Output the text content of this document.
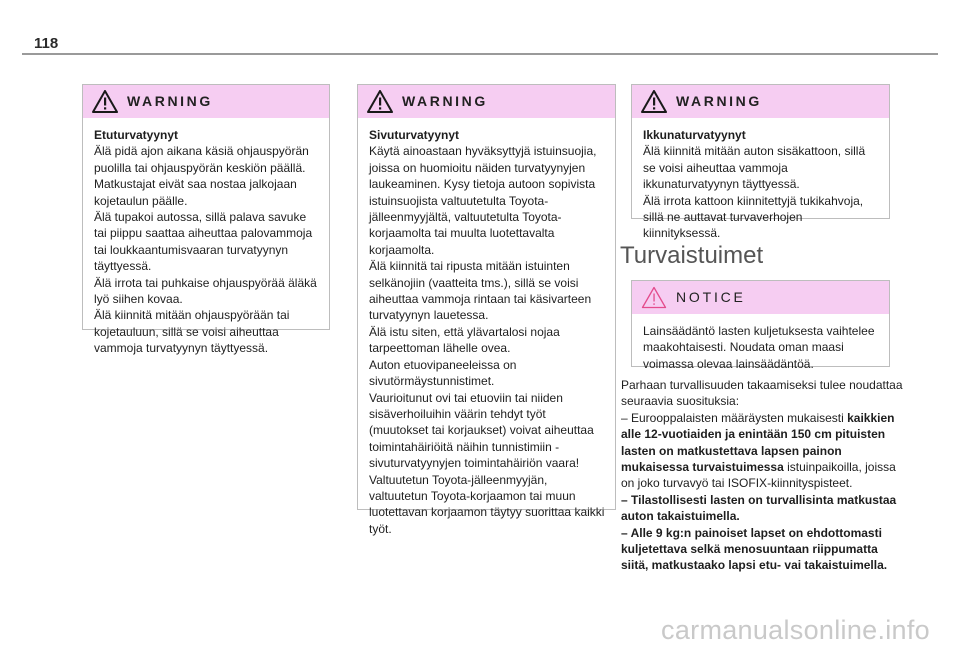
118
WARNING

Etuturvatyynyt

Älä pidä ajon aikana käsiä ohjauspyörän puolilla tai ohjauspyörän keskiön päällä.

Matkustajat eivät saa nostaa jalkojaan kojetaulun päälle.

Älä tupakoi autossa, sillä palava savuke tai piippu saattaa aiheuttaa palovammoja tai loukkaantumisvaaran turvatyynyn täyttyessä.

Älä irrota tai puhkaise ohjauspyörää äläkä lyö siihen kovaa.

Älä kiinnitä mitään ohjauspyörään tai kojetauluun, sillä se voisi aiheuttaa vammoja turvatyynyn täyttyessä.

WARNING

Sivuturvatyynyt

Käytä ainoastaan hyväksyttyjä istuinsuojia, joissa on huomioitu näiden turvatyynyjen laukeaminen. Kysy tietoja autoon sopivista istuinsuojista valtuutetulta Toyota-jälleenmyyjältä, valtuutetulta Toyota-korjaamolta tai muulta luotettavalta korjaamolta.

Älä kiinnitä tai ripusta mitään istuinten selkänojiin (vaatteita tms.), sillä se voisi aiheuttaa vammoja rintaan tai käsivarteen turvatyynyn lauetessa.

Älä istu siten, että ylävartalosi nojaa tarpeettoman lähelle ovea.

Auton etuovipaneeleissa on sivutörmäystunnistimet.

Vaurioitunut ovi tai etuoviin tai niiden sisäverhoiluihin väärin tehdyt työt (muutokset tai korjaukset) voivat aiheuttaa toimintahäiriöitä näihin tunnistimiin - sivuturvatyynyjen toimintahäiriön vaara!

Valtuutetun Toyota-jälleenmyyjän, valtuutetun Toyota-korjaamon tai muun luotettavan korjaamon täytyy suorittaa kaikki työt.

WARNING

Ikkunaturvatyynyt

Älä kiinnitä mitään auton sisäkattoon, sillä se voisi aiheuttaa vammoja ikkunaturvatyynyn täyttyessä.

Älä irrota kattoon kiinnitettyjä tukikahvoja, sillä ne auttavat turvaverhojen kiinnityksessä.

Turvaistuimet
NOTICE

Lainsäädäntö lasten kuljetuksesta vaihtelee maakohtaisesti. Noudata oman maasi voimassa olevaa lainsäädäntöä.

Parhaan turvallisuuden takaamiseksi tulee noudattaa seuraavia suosituksia:

– Eurooppalaisten määräysten mukaisesti kaikkien alle 12-vuotiaiden ja enintään 150 cm pituisten lasten on matkustettava lapsen painon mukaisessa turvaistuimessa istuinpaikoilla, joissa on joko turvavyö tai ISOFIX-kiinnityspisteet.

– Tilastollisesti lasten on turvallisinta matkustaa auton takaistuimella.

– Alle 9 kg:n painoiset lapset on ehdottomasti kuljetettava selkä menosuuntaan riippumatta siitä, matkustaako lapsi etu- vai takaistuimella.

carmanualsonline.info
